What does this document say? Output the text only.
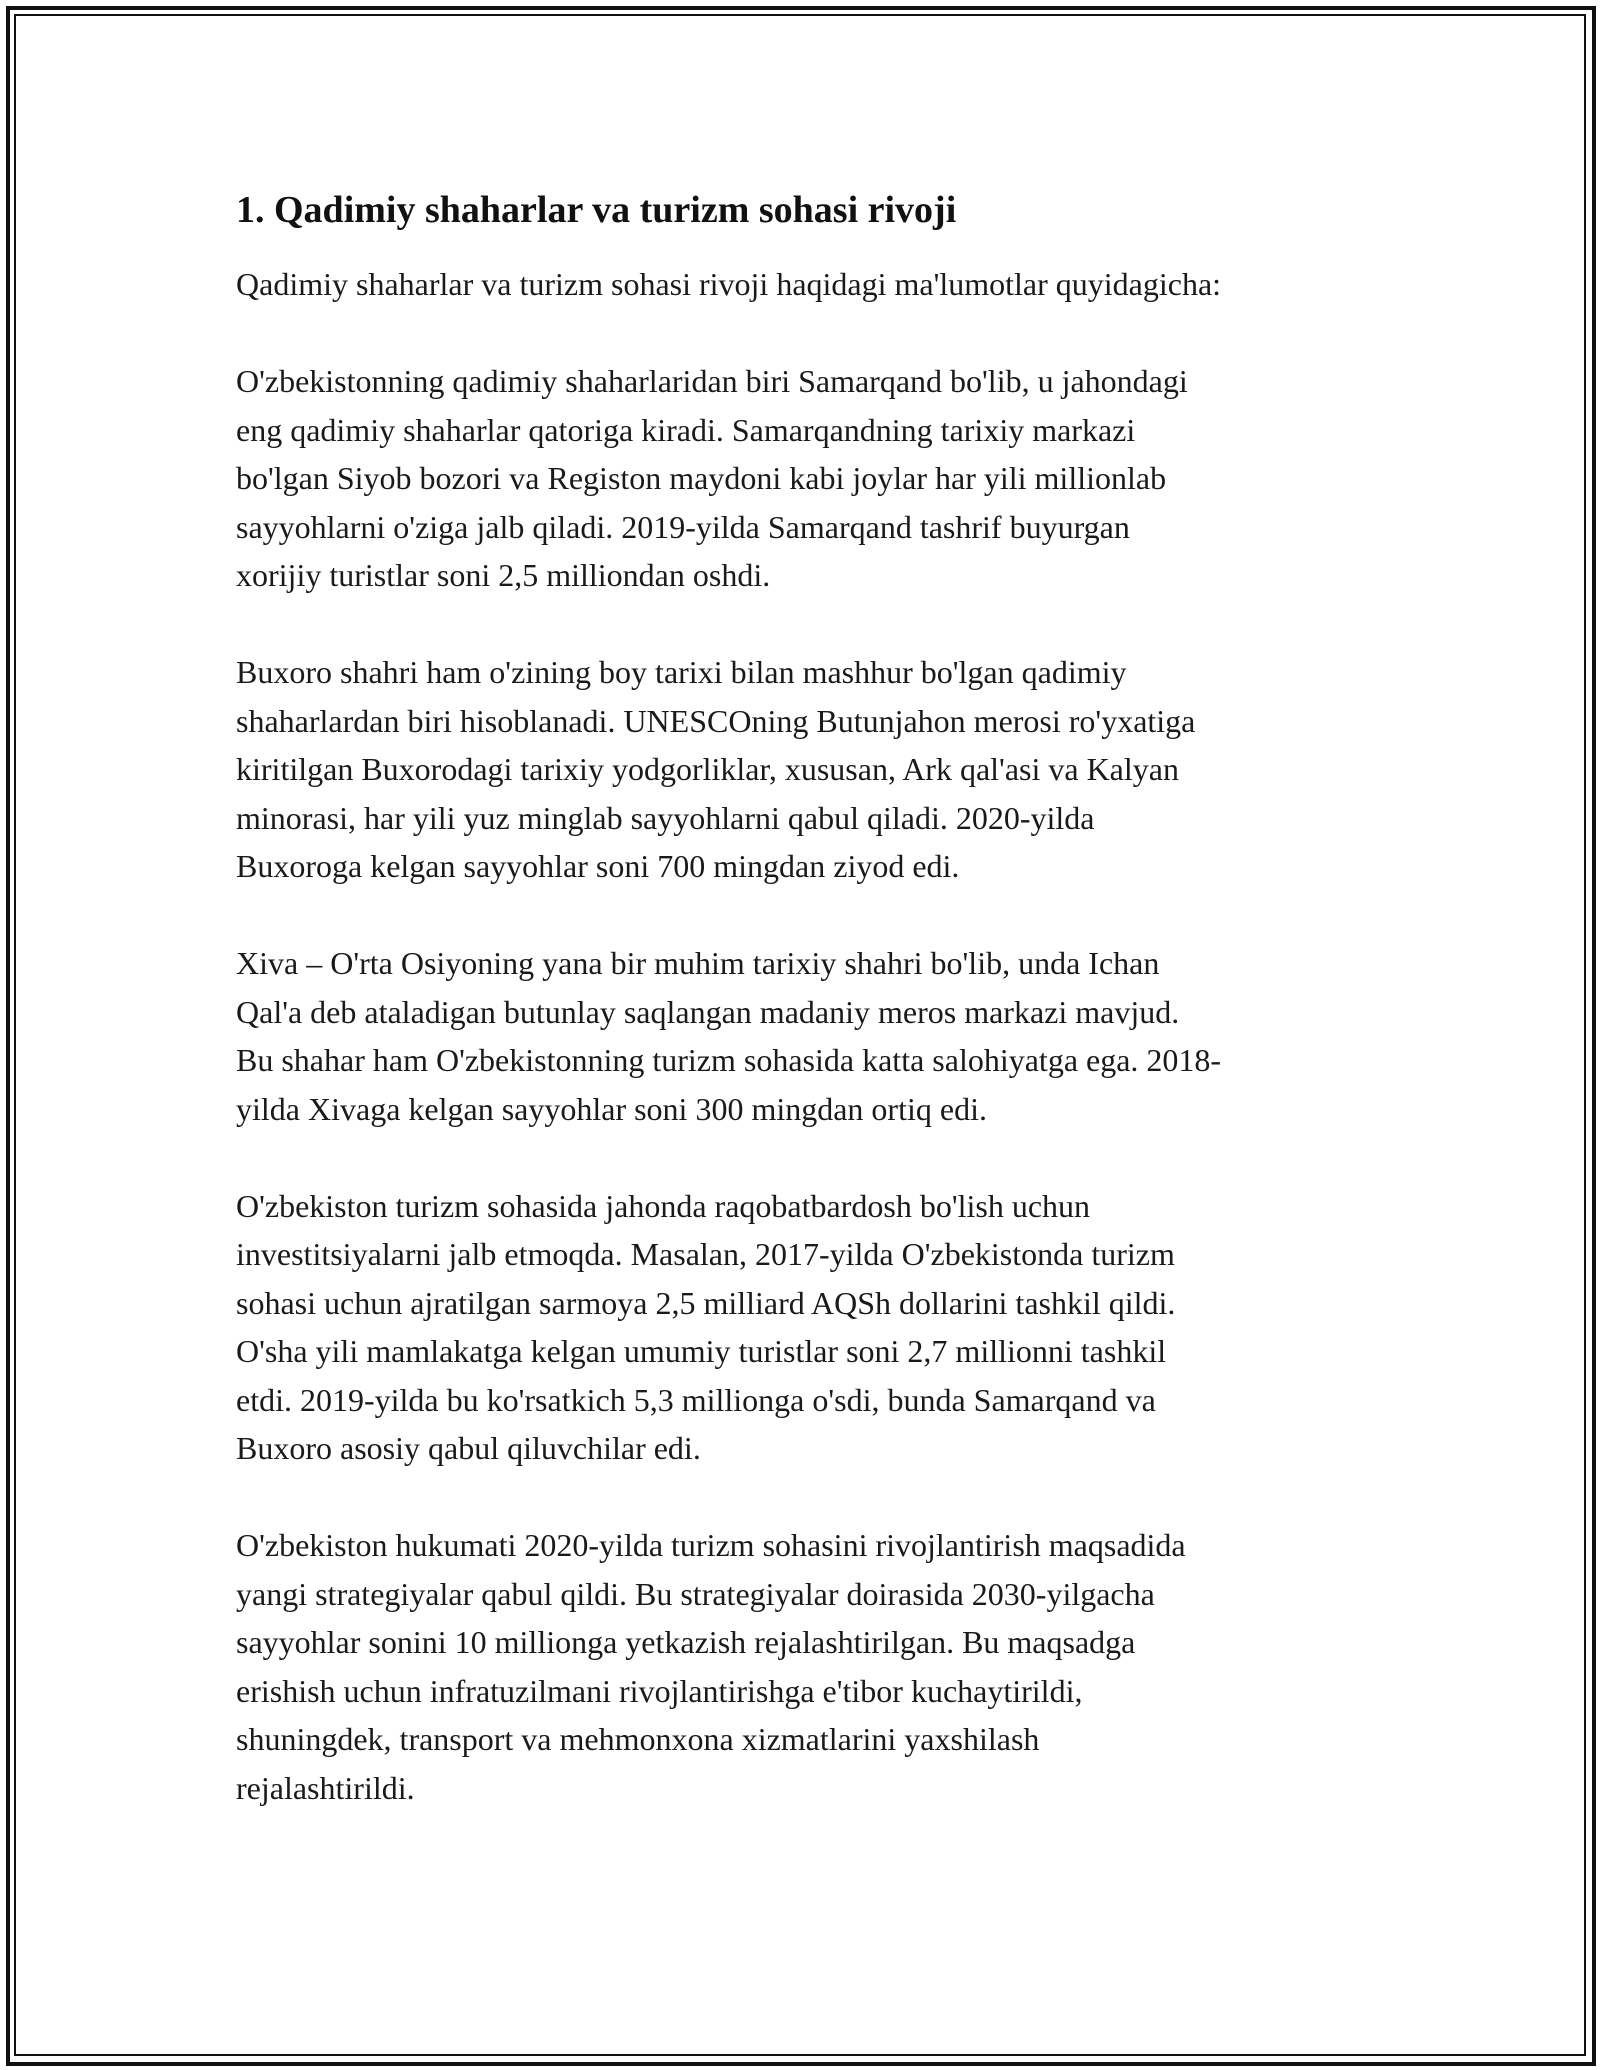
1. Qadimiy shaharlar va turizm sohasi rivoji

Qadimiy shaharlar va turizm sohasi rivoji haqidagi ma'lumotlar quyidagicha:

O'zbekistonning qadimiy shaharlaridan biri Samarqand bo'lib, u jahondagi
eng qadimiy shaharlar qatoriga kiradi. Samarqandning tarixiy markazi
bo'lgan Siyob bozori va Registon maydoni kabi joylar har yili millionlab
sayyohlarni o'ziga jalb qiladi. 2019-yilda Samarqand tashrif buyurgan
xorijiy turistlar soni 2,5 milliondan oshdi.

Buxoro shahri ham o'zining boy tarixi bilan mashhur bo'lgan qadimiy
shaharlardan biri hisoblanadi. UNESCOning Butunjahon merosi ro'yxatiga
kiritilgan Buxorodagi tarixiy yodgorliklar, xususan, Ark qal'asi va Kalyan
minorasi, har yili yuz minglab sayyohlarni qabul qiladi. 2020-yilda
Buxoroga kelgan sayyohlar soni 700 mingdan ziyod edi.

Xiva – O'rta Osiyoning yana bir muhim tarixiy shahri bo'lib, unda Ichan
Qal'a deb ataladigan butunlay saqlangan madaniy meros markazi mavjud.
Bu shahar ham O'zbekistonning turizm sohasida katta salohiyatga ega. 2018-
yilda Xivaga kelgan sayyohlar soni 300 mingdan ortiq edi.

O'zbekiston turizm sohasida jahonda raqobatbardosh bo'lish uchun
investitsiyalarni jalb etmoqda. Masalan, 2017-yilda O'zbekistonda turizm
sohasi uchun ajratilgan sarmoya 2,5 milliard AQSh dollarini tashkil qildi.
O'sha yili mamlakatga kelgan umumiy turistlar soni 2,7 millionni tashkil
etdi. 2019-yilda bu ko'rsatkich 5,3 millionga o'sdi, bunda Samarqand va
Buxoro asosiy qabul qiluvchilar edi.

O'zbekiston hukumati 2020-yilda turizm sohasini rivojlantirish maqsadida
yangi strategiyalar qabul qildi. Bu strategiyalar doirasida 2030-yilgacha
sayyohlar sonini 10 millionga yetkazish rejalashtirilgan. Bu maqsadga
erishish uchun infratuzilmani rivojlantirishga e'tibor kuchaytirildi,
shuningdek, transport va mehmonxona xizmatlarini yaxshilash
rejalashtirildi.
